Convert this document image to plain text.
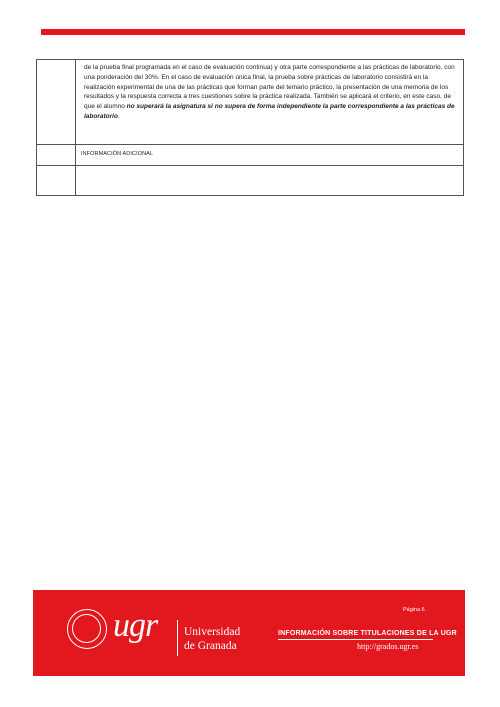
	de la prueba final programada en el caso de evaluación continua) y otra parte correspondiente a las prácticas de laboratorio, con una ponderación del 30%. En el caso de evaluación única final, la prueba sobre prácticas de laboratorio consistirá en la realización experimental de una de las prácticas que forman parte del temario práctico, la presentación de una memoria de los resultados y la respuesta correcta a tres cuestiones sobre la práctica realizada. También se aplicará el criterio, en este caso, de que el alumno no superará la asignatura si no supera de forma independiente la parte correspondiente a las prácticas de laboratorio.
	INFORMACIÓN ADICIONAL

ugr Universidad
de Granada
Página 6
INFORMACIÓN SOBRE TITULACIONES DE LA UGR
http://grados.ugr.es
